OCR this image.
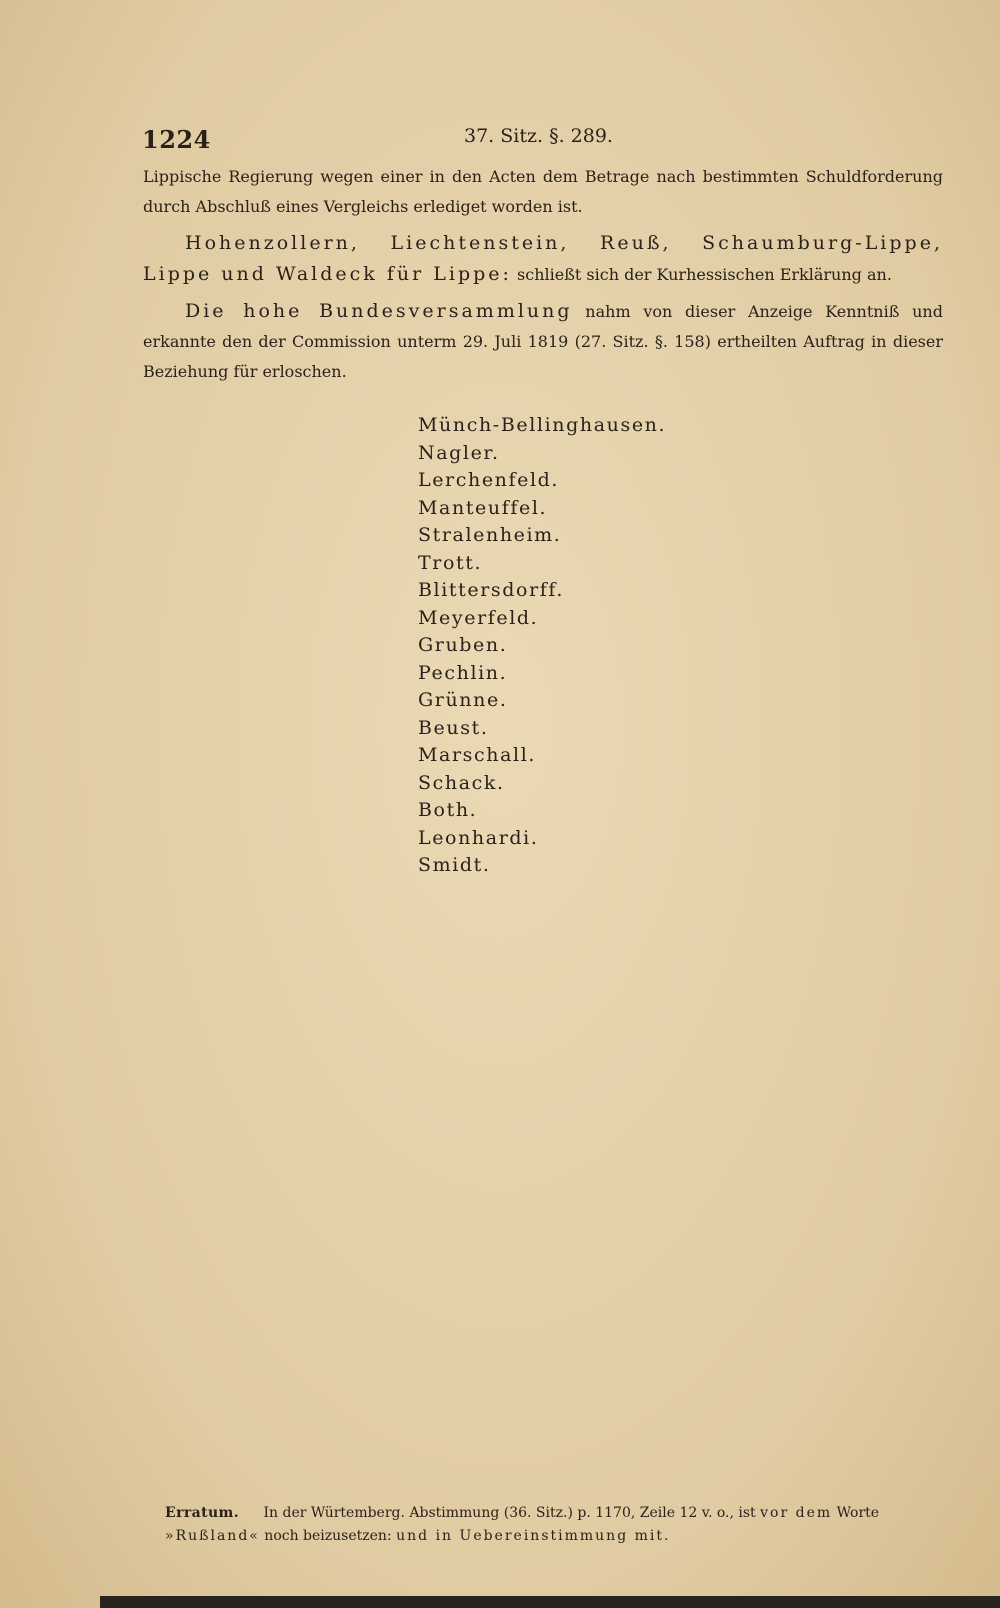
1224	37. Sitz. §. 289.

Lippische Regierung wegen einer in den Acten dem Betrage nach bestimmten Schuldforderung durch Abschluß eines Vergleichs erlediget worden ist.

Hohenzollern, Liechtenstein, Reuß, Schaumburg-Lippe, Lippe und Waldeck für Lippe: schließt sich der Kurhessischen Erklärung an.

Die hohe Bundesversammlung nahm von dieser Anzeige Kenntniß und erkannte den der Commission unterm 29. Juli 1819 (27. Sitz. §. 158) ertheilten Auftrag in dieser Beziehung für erloschen.

Münch-Bellinghausen.
Nagler.
Lerchenfeld.
Manteuffel.
Stralenheim.
Trott.
Blittersdorff.
Meyerfeld.
Gruben.
Pechlin.
Grünne.
Beust.
Marschall.
Schack.
Both.
Leonhardi.
Smidt.
Erratum. In der Würtemberg. Abstimmung (36. Sitz.) p. 1170, Zeile 12 v. o., ist vor dem Worte »Rußland« noch beizusetzen: und in Uebereinstimmung mit.
